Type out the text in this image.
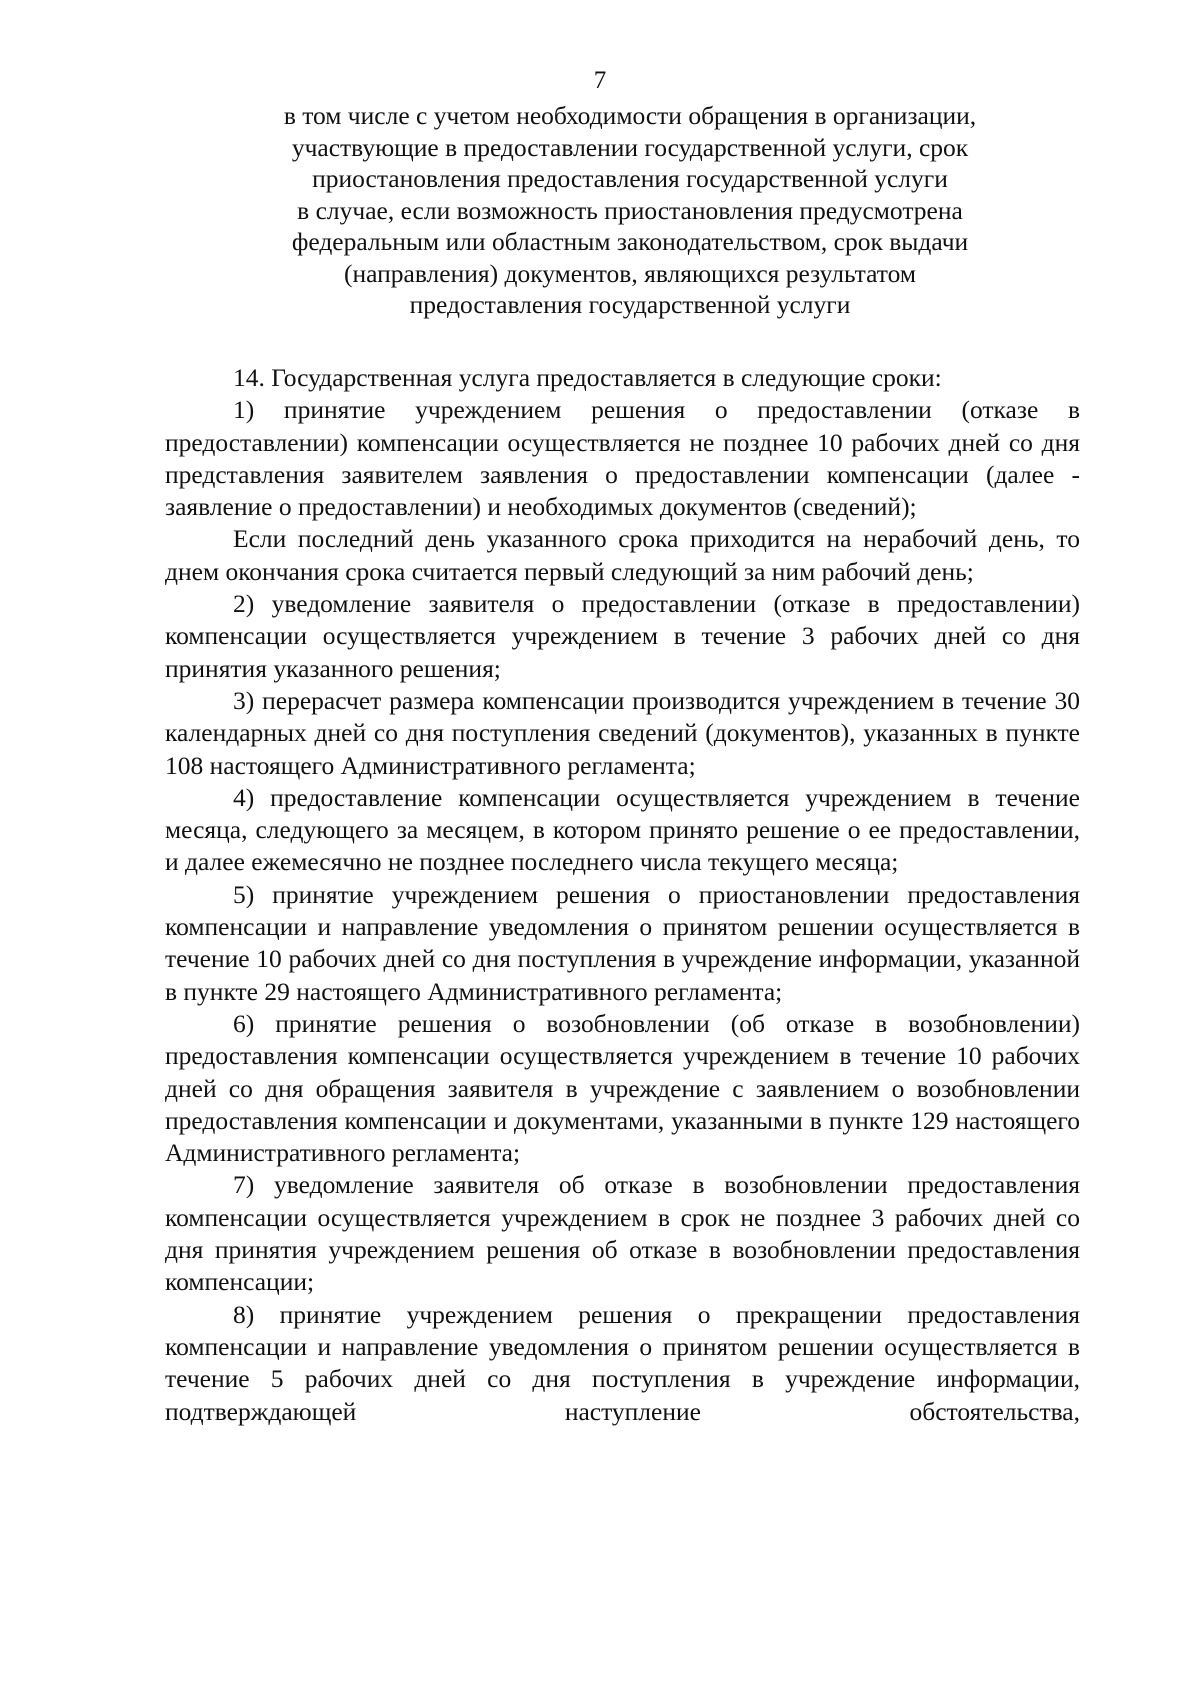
7
в том числе с учетом необходимости обращения в организации,
участвующие в предоставлении государственной услуги, срок
приостановления предоставления государственной услуги
в случае, если возможность приостановления предусмотрена
федеральным или областным законодательством, срок выдачи
(направления) документов, являющихся результатом
предоставления государственной услуги

14. Государственная услуга предоставляется в следующие сроки:

1) принятие учреждением решения о предоставлении (отказе в предоставлении) компенсации осуществляется не позднее 10 рабочих дней со дня представления заявителем заявления о предоставлении компенсации (далее - заявление о предоставлении) и необходимых документов (сведений);

Если последний день указанного срока приходится на нерабочий день, то днем окончания срока считается первый следующий за ним рабочий день;

2) уведомление заявителя о предоставлении (отказе в предоставлении) компенсации осуществляется учреждением в течение 3 рабочих дней со дня принятия указанного решения;

3) перерасчет размера компенсации производится учреждением в течение 30 календарных дней со дня поступления сведений (документов), указанных в пункте 108 настоящего Административного регламента;

4) предоставление компенсации осуществляется учреждением в течение месяца, следующего за месяцем, в котором принято решение о ее предоставлении, и далее ежемесячно не позднее последнего числа текущего месяца;

5) принятие учреждением решения о приостановлении предоставления компенсации и направление уведомления о принятом решении осуществляется в течение 10 рабочих дней со дня поступления в учреждение информации, указанной в пункте 29 настоящего Административного регламента;

6) принятие решения о возобновлении (об отказе в возобновлении) предоставления компенсации осуществляется учреждением в течение 10 рабочих дней со дня обращения заявителя в учреждение с заявлением о возобновлении предоставления компенсации и документами, указанными в пункте 129 настоящего Административного регламента;

7) уведомление заявителя об отказе в возобновлении предоставления компенсации осуществляется учреждением в срок не позднее 3 рабочих дней со дня принятия учреждением решения об отказе в возобновлении предоставления компенсации;

8) принятие учреждением решения о прекращении предоставления компенсации и направление уведомления о принятом решении осуществляется в течение 5 рабочих дней со дня поступления в учреждение информации, подтверждающей наступление обстоятельства,
